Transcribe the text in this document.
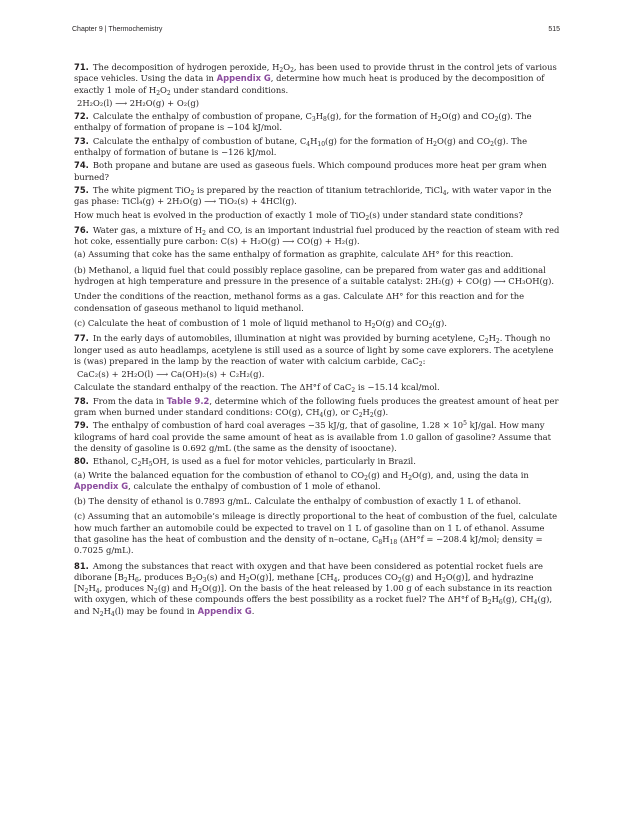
Chapter 9 | Thermochemistry	515
71. The decomposition of hydrogen peroxide, $H_2O_2$, has been used to provide thrust in the control jets of various space vehicles. Using the data in Appendix G, determine how much heat is produced by the decomposition of exactly 1 mole of $H_2O_2$ under standard conditions.
2H₂O₂(l) ⟶ 2H₂O(g) + O₂(g)
72. Calculate the enthalpy of combustion of propane, $C_3H_8(g)$, for the formation of $H_2O(g)$ and $CO_2(g)$. The enthalpy of formation of propane is −104 kJ/mol.
73. Calculate the enthalpy of combustion of butane, $C_4H_{10}(g)$ for the formation of $H_2O(g)$ and $CO_2(g)$. The enthalpy of formation of butane is −126 kJ/mol.
74. Both propane and butane are used as gaseous fuels. Which compound produces more heat per gram when burned?
75. The white pigment TiO$_2$ is prepared by the reaction of titanium tetrachloride, TiCl$_4$, with water vapor in the gas phase: TiCl₄(g) + 2H₂O(g) ⟶ TiO₂(s) + 4HCl(g).
How much heat is evolved in the production of exactly 1 mole of TiO$_2$(s) under standard state conditions?
76. Water gas, a mixture of $H_2$ and CO, is an important industrial fuel produced by the reaction of steam with red hot coke, essentially pure carbon: C(s) + H₂O(g) ⟶ CO(g) + H₂(g).
(a) Assuming that coke has the same enthalpy of formation as graphite, calculate ΔH° for this reaction.
(b) Methanol, a liquid fuel that could possibly replace gasoline, can be prepared from water gas and additional hydrogen at high temperature and pressure in the presence of a suitable catalyst: 2H₂(g) + CO(g) ⟶ CH₃OH(g).
Under the conditions of the reaction, methanol forms as a gas. Calculate ΔH° for this reaction and for the condensation of gaseous methanol to liquid methanol.
(c) Calculate the heat of combustion of 1 mole of liquid methanol to $H_2O(g)$ and $CO_2(g)$.
77. In the early days of automobiles, illumination at night was provided by burning acetylene, $C_2H_2$. Though no longer used as auto headlamps, acetylene is still used as a source of light by some cave explorers. The acetylene is (was) prepared in the lamp by the reaction of water with calcium carbide, CaC$_2$:
CaC₂(s) + 2H₂O(l) ⟶ Ca(OH)₂(s) + C₂H₂(g).
Calculate the standard enthalpy of the reaction. The ΔH°f of CaC$_2$ is −15.14 kcal/mol.
78. From the data in Table 9.2, determine which of the following fuels produces the greatest amount of heat per gram when burned under standard conditions: CO(g), $CH_4(g)$, or $C_2H_2(g)$.
79. The enthalpy of combustion of hard coal averages −35 kJ/g, that of gasoline, $1.28 \times 10^5$ kJ/gal. How many kilograms of hard coal provide the same amount of heat as is available from 1.0 gallon of gasoline? Assume that the density of gasoline is 0.692 g/mL (the same as the density of isooctane).
80. Ethanol, $C_2H_5OH$, is used as a fuel for motor vehicles, particularly in Brazil.
(a) Write the balanced equation for the combustion of ethanol to $CO_2(g)$ and $H_2O(g)$, and, using the data in Appendix G, calculate the enthalpy of combustion of 1 mole of ethanol.
(b) The density of ethanol is 0.7893 g/mL. Calculate the enthalpy of combustion of exactly 1 L of ethanol.
(c) Assuming that an automobile’s mileage is directly proportional to the heat of combustion of the fuel, calculate how much farther an automobile could be expected to travel on 1 L of gasoline than on 1 L of ethanol. Assume that gasoline has the heat of combustion and the density of n–octane, $C_8H_{18}$ (ΔH°f = −208.4 kJ/mol; density = 0.7025 g/mL).
81. Among the substances that react with oxygen and that have been considered as potential rocket fuels are diborane [$B_2H_6$, produces $B_2O_3(s)$ and $H_2O(g)$], methane [$CH_4$, produces $CO_2(g)$ and $H_2O(g)$], and hydrazine [$N_2H_4$, produces $N_2(g)$ and $H_2O(g)$]. On the basis of the heat released by 1.00 g of each substance in its reaction with oxygen, which of these compounds offers the best possibility as a rocket fuel? The ΔH°f of $B_2H_6(g)$, $CH_4(g)$, and $N_2H_4(l)$ may be found in Appendix G.
